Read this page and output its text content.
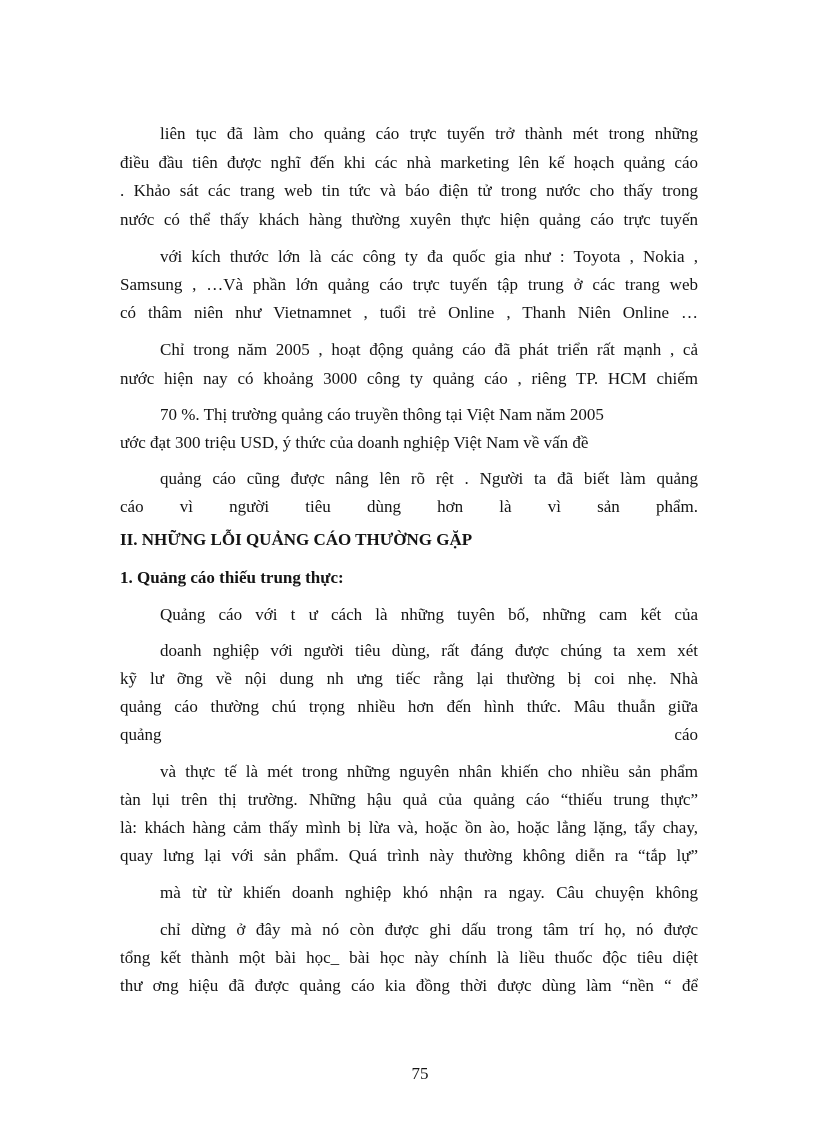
liên tục đã làm cho quảng cáo trực tuyến trở thành mét trong những
điều đầu tiên được nghĩ đến khi các nhà marketing lên kế hoạch quảng cáo
. Khảo sát các trang web tin tức và báo điện tử trong nước cho thấy trong
nước có thể thấy khách hàng thường xuyên thực hiện quảng cáo trực tuyến
với kích thước lớn là các công ty đa quốc gia như : Toyota , Nokia ,
Samsung , …Và phần lớn quảng cáo trực tuyến tập trung ở các trang web
có thâm niên như Vietnamnet , tuổi trẻ Online , Thanh Niên Online …
Chỉ trong năm 2005 , hoạt động quảng cáo đã phát triển rất mạnh , cả
nước hiện nay có khoảng 3000 công ty quảng cáo , riêng TP. HCM chiếm
70 %. Thị trường quảng cáo truyền thông tại Việt Nam năm 2005
ước đạt 300 triệu USD, ý thức của doanh nghiệp Việt Nam về vấn đề
quảng cáo cũng được nâng lên rõ rệt . Người ta đã biết làm quảng
cáo vì người tiêu dùng hơn là vì sản phẩm.
II. NHỮNG LỖI QUẢNG CÁO THƯỜNG GẶP
1. Quảng cáo thiếu trung thực:
Quảng cáo với t ư cách là những tuyên bố, những cam kết của
doanh nghiệp với người tiêu dùng, rất đáng được chúng ta xem xét
kỹ lư ỡng về nội dung nh ưng tiếc rằng lại thường bị coi nhẹ. Nhà
quảng cáo thường chú trọng nhiều hơn đến hình thức. Mâu thuẫn giữa
quảng cáo
và thực tế là mét trong những nguyên nhân khiến cho nhiều sản phẩm
tàn lụi trên thị trường. Những hậu quả của quảng cáo “thiếu trung thực”
là: khách hàng cảm thấy mình bị lừa và, hoặc ồn ào, hoặc lẳng lặng, tẩy chay,
quay lưng lại với sản phẩm. Quá trình này thường không diễn ra “tắp lự”
mà từ từ khiến doanh nghiệp khó nhận ra ngay. Câu chuyện không
chỉ dừng ở đây mà nó còn được ghi dấu trong tâm trí họ, nó được
tổng kết thành một bài học_ bài học này chính là liều thuốc độc tiêu diệt
thư ơng hiệu đã được quảng cáo kia đồng thời được dùng làm “nền “ để
75
